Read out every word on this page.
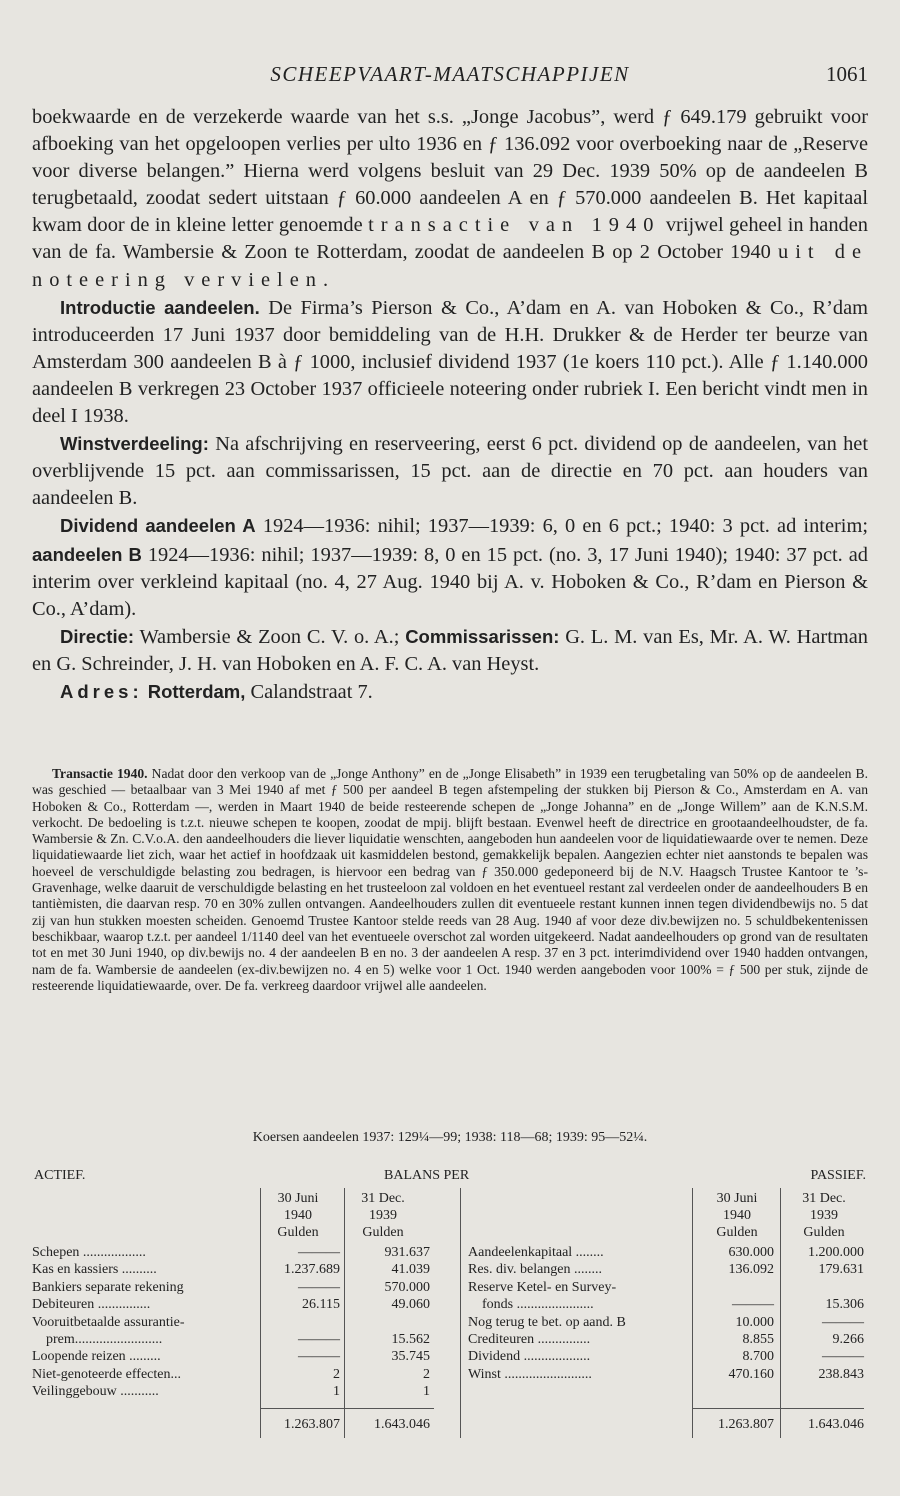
SCHEEPVAART-MAATSCHAPPIJEN	1061

boekwaarde en de verzekerde waarde van het s.s. „Jonge Jacobus”, werd ƒ 649.179 gebruikt voor afboeking van het opgeloopen verlies per ulto 1936 en ƒ 136.092 voor overboeking naar de „Reserve voor diverse belangen.” Hierna werd volgens besluit van 29 Dec. 1939 50% op de aandeelen B terugbetaald, zoodat sedert uitstaan ƒ 60.000 aandeelen A en ƒ 570.000 aandeelen B. Het kapitaal kwam door de in kleine letter genoemde transactie van 1940 vrijwel geheel in handen van de fa. Wambersie & Zoon te Rotterdam, zoodat de aandeelen B op 2 October 1940 uit de noteering vervielen.

Introductie aandeelen. De Firma’s Pierson & Co., A’dam en A. van Hoboken & Co., R’dam introduceerden 17 Juni 1937 door bemiddeling van de H.H. Drukker & de Herder ter beurze van Amsterdam 300 aandeelen B à ƒ 1000, inclusief dividend 1937 (1e koers 110 pct.). Alle ƒ 1.140.000 aandeelen B verkregen 23 October 1937 officieele noteering onder rubriek I. Een bericht vindt men in deel I 1938.

Winstverdeeling: Na afschrijving en reserveering, eerst 6 pct. dividend op de aandeelen, van het overblijvende 15 pct. aan commissarissen, 15 pct. aan de directie en 70 pct. aan houders van aandeelen B.

Dividend aandeelen A 1924—1936: nihil; 1937—1939: 6, 0 en 6 pct.; 1940: 3 pct. ad interim; aandeelen B 1924—1936: nihil; 1937—1939: 8, 0 en 15 pct. (no. 3, 17 Juni 1940); 1940: 37 pct. ad interim over verkleind kapitaal (no. 4, 27 Aug. 1940 bij A. v. Hoboken & Co., R’dam en Pierson & Co., A’dam).

Directie: Wambersie & Zoon C. V. o. A.; Commissarissen: G. L. M. van Es, Mr. A. W. Hartman en G. Schreinder, J. H. van Hoboken en A. F. C. A. van Heyst.

Adres: Rotterdam, Calandstraat 7.

Transactie 1940. Nadat door den verkoop van de „Jonge Anthony” en de „Jonge Elisabeth” in 1939 een terugbetaling van 50% op de aandeelen B. was geschied — betaalbaar van 3 Mei 1940 af met ƒ 500 per aandeel B tegen afstempeling der stukken bij Pierson & Co., Amsterdam en A. van Hoboken & Co., Rotterdam —, werden in Maart 1940 de beide resteerende schepen de „Jonge Johanna” en de „Jonge Willem” aan de K.N.S.M. verkocht. De bedoeling is t.z.t. nieuwe schepen te koopen, zoodat de mpij. blijft bestaan. Evenwel heeft de directrice en grootaandeelhoudster, de fa. Wambersie & Zn. C.V.o.A. den aandeelhouders die liever liquidatie wenschten, aangeboden hun aandeelen voor de liquidatiewaarde over te nemen. Deze liquidatiewaarde liet zich, waar het actief in hoofdzaak uit kasmiddelen bestond, gemakkelijk bepalen. Aangezien echter niet aanstonds te bepalen was hoeveel de verschuldigde belasting zou bedragen, is hiervoor een bedrag van ƒ 350.000 gedeponeerd bij de N.V. Haagsch Trustee Kantoor te ’s-Gravenhage, welke daaruit de verschuldigde belasting en het trusteeloon zal voldoen en het eventueel restant zal verdeelen onder de aandeelhouders B en tantièmisten, die daarvan resp. 70 en 30% zullen ontvangen. Aandeelhouders zullen dit eventueele restant kunnen innen tegen dividendbewijs no. 5 dat zij van hun stukken moesten scheiden. Genoemd Trustee Kantoor stelde reeds van 28 Aug. 1940 af voor deze div.bewijzen no. 5 schuldbekentenissen beschikbaar, waarop t.z.t. per aandeel 1/1140 deel van het eventueele overschot zal worden uitgekeerd. Nadat aandeelhouders op grond van de resultaten tot en met 30 Juni 1940, op div.bewijs no. 4 der aandeelen B en no. 3 der aandeelen A resp. 37 en 3 pct. interimdividend over 1940 hadden ontvangen, nam de fa. Wambersie de aandeelen (ex-div.bewijzen no. 4 en 5) welke voor 1 Oct. 1940 werden aangeboden voor 100% = ƒ 500 per stuk, zijnde de resteerende liquidatiewaarde, over. De fa. verkreeg daardoor vrijwel alle aandeelen.

Koersen aandeelen 1937: 129¼—99; 1938: 118—68; 1939: 95—52¼.
ACTIEF.	BALANS PER	PASSIEF.
30 Juni
1940
Gulden
31 Dec.
1939
Gulden
30 Juni
1940
Gulden
31 Dec.
1939
Gulden
Schepen ..................	———	931.637
Kas en kassiers ..........	1.237.689	41.039
Bankiers separate rekening	———	570.000
Debiteuren ...............	26.115	49.060
Vooruitbetaalde assurantie-
prem.........................	———	15.562
Loopende reizen .........	———	35.745
Niet-genoteerde effecten...	2	2
Veilinggebouw ...........	1	1
Aandeelenkapitaal ........	630.000	1.200.000
Res. div. belangen ........	136.092	179.631
Reserve Ketel- en Survey-
fonds ......................	———	15.306
Nog terug te bet. op aand. B	10.000	———
Crediteuren ...............	8.855	9.266
Dividend ...................	8.700	———
Winst .........................	470.160	238.843
1.263.807	1.643.046	1.263.807	1.643.046
